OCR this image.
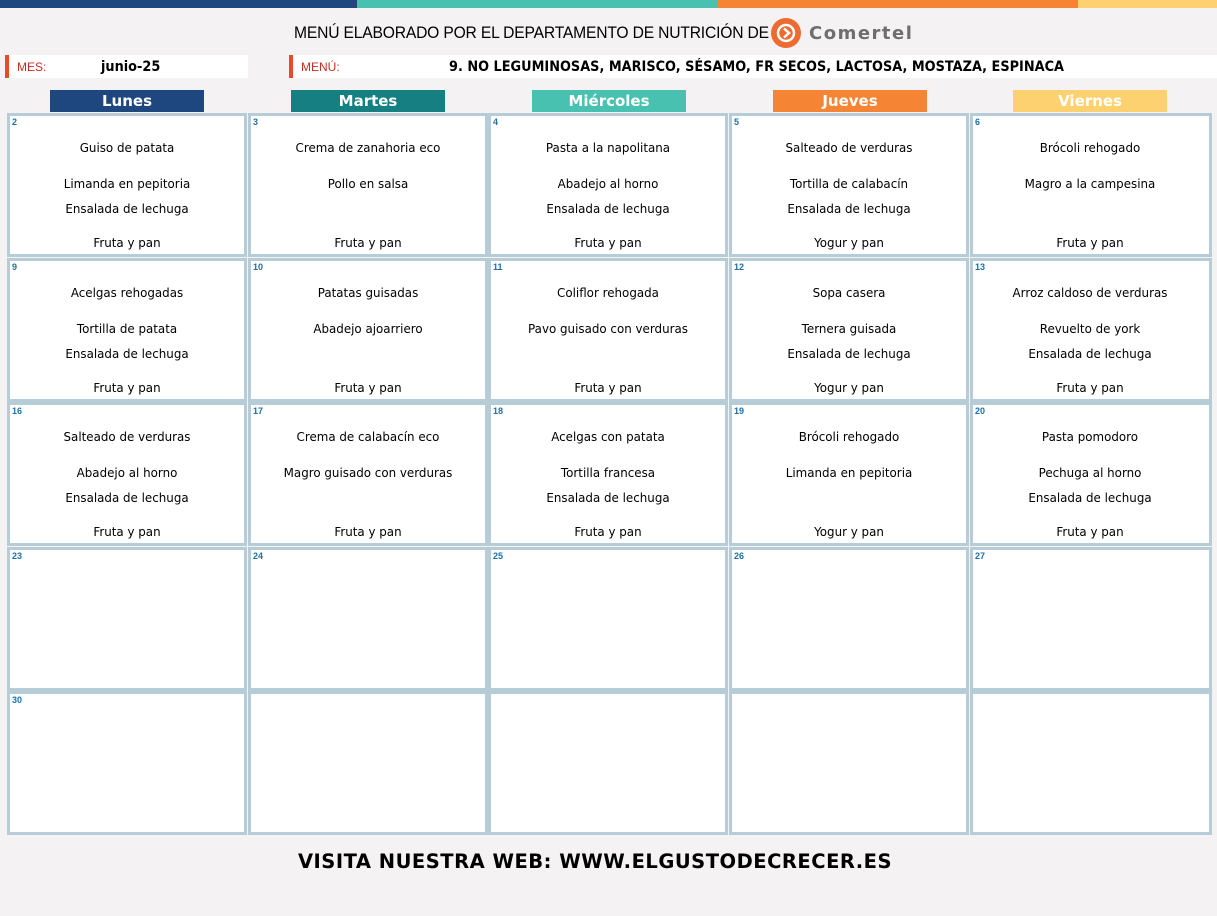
MENÚ ELABORADO POR EL DEPARTAMENTO DE NUTRICIÓN DE Comertel
MES:	junio-25	MENÚ:	9. NO LEGUMINOSAS, MARISCO, SÉSAMO, FR SECOS, LACTOSA, MOSTAZA, ESPINACA
Lunes	Martes	Miércoles	Jueves	Viernes
2
Guiso de patata
Limanda en pepitoria
Ensalada de lechuga
Fruta y pan
3
Crema de zanahoria eco
Pollo en salsa
Fruta y pan
4
Pasta a la napolitana
Abadejo al horno
Ensalada de lechuga
Fruta y pan
5
Salteado de verduras
Tortilla de calabacín
Ensalada de lechuga
Yogur y pan
6
Brócoli rehogado
Magro a la campesina
Fruta y pan
9
Acelgas rehogadas
Tortilla de patata
Ensalada de lechuga
Fruta y pan
10
Patatas guisadas
Abadejo ajoarriero
Fruta y pan
11
Coliflor rehogada
Pavo guisado con verduras
Fruta y pan
12
Sopa casera
Ternera guisada
Ensalada de lechuga
Yogur y pan
13
Arroz caldoso de verduras
Revuelto de york
Ensalada de lechuga
Fruta y pan
16
Salteado de verduras
Abadejo al horno
Ensalada de lechuga
Fruta y pan
17
Crema de calabacín eco
Magro guisado con verduras
Fruta y pan
18
Acelgas con patata
Tortilla francesa
Ensalada de lechuga
Fruta y pan
19
Brócoli rehogado
Limanda en pepitoria
Yogur y pan
20
Pasta pomodoro
Pechuga al horno
Ensalada de lechuga
Fruta y pan
23	24	25	26	27
30
VISITA NUESTRA WEB: WWW.ELGUSTODECRECER.ES
